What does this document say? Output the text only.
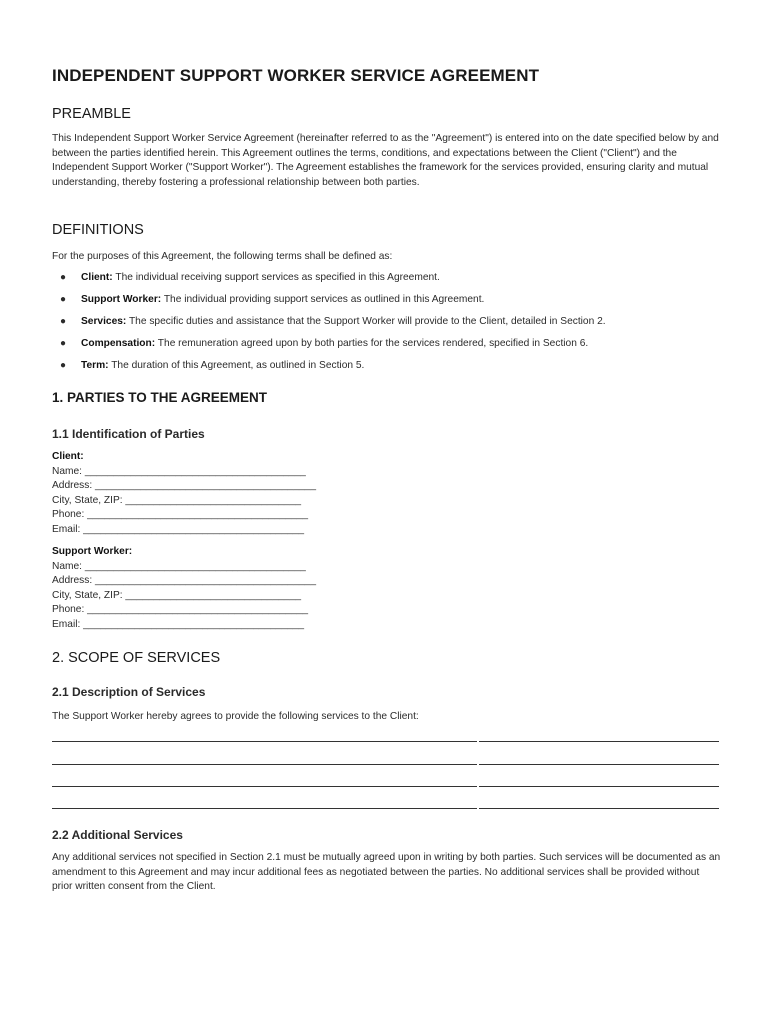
INDEPENDENT SUPPORT WORKER SERVICE AGREEMENT
PREAMBLE

This Independent Support Worker Service Agreement (hereinafter referred to as the "Agreement") is entered into on the date specified below by and between the parties identified herein. This Agreement outlines the terms, conditions, and expectations between the Client ("Client") and the Independent Support Worker ("Support Worker"). The Agreement establishes the framework for the services provided, ensuring clarity and mutual understanding, thereby fostering a professional relationship between both parties.

DEFINITIONS

For the purposes of this Agreement, the following terms shall be defined as:

● Client: The individual receiving support services as specified in this Agreement.
● Support Worker: The individual providing support services as outlined in this Agreement.
● Services: The specific duties and assistance that the Support Worker will provide to the Client, detailed in Section 2.
● Compensation: The remuneration agreed upon by both parties for the services rendered, specified in Section 6.
● Term: The duration of this Agreement, as outlined in Section 5.
1. PARTIES TO THE AGREEMENT
1.1 Identification of Parties
Client:
Name: _______________________________________
Address: _______________________________________
City, State, ZIP: _______________________________
Phone: _______________________________________
Email: _______________________________________
Support Worker:
Name: _______________________________________
Address: _______________________________________
City, State, ZIP: _______________________________
Phone: _______________________________________
Email: _______________________________________
2. SCOPE OF SERVICES
2.1 Description of Services

The Support Worker hereby agrees to provide the following services to the Client:

2.2 Additional Services

Any additional services not specified in Section 2.1 must be mutually agreed upon in writing by both parties. Such services will be documented as an amendment to this Agreement and may incur additional fees as negotiated between the parties. No additional services shall be provided without prior written consent from the Client.
